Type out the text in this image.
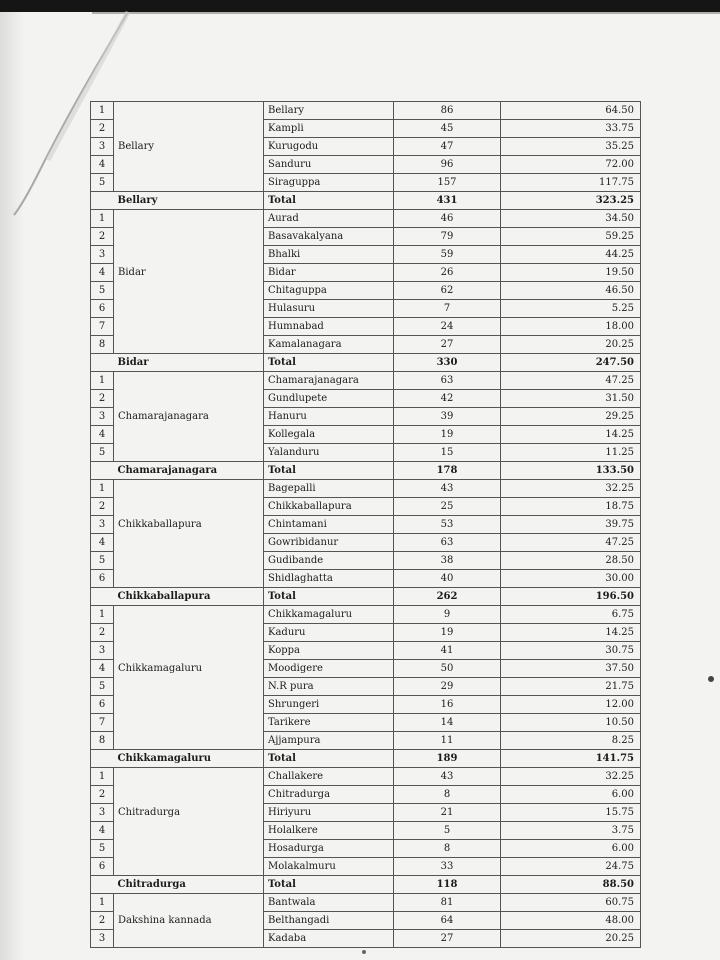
1		Bellary	86	64.50
2		Kampli	45	33.75
3	Bellary	Kurugodu	47	35.25
4		Sanduru	96	72.00
5		Siraguppa	157	117.75
	Bellary	Total	431	323.25
1		Aurad	46	34.50
2		Basavakalyana	79	59.25
3		Bhalki	59	44.25
4	Bidar	Bidar	26	19.50
5		Chitaguppa	62	46.50
6		Hulasuru	7	5.25
7		Humnabad	24	18.00
8		Kamalanagara	27	20.25
	Bidar	Total	330	247.50
1		Chamarajanagara	63	47.25
2		Gundlupete	42	31.50
3	Chamarajanagara	Hanuru	39	29.25
4		Kollegala	19	14.25
5		Yalanduru	15	11.25
	Chamarajanagara	Total	178	133.50
1		Bagepalli	43	32.25
2		Chikkaballapura	25	18.75
3	Chikkaballapura	Chintamani	53	39.75
4		Gowribidanur	63	47.25
5		Gudibande	38	28.50
6		Shidlaghatta	40	30.00
	Chikkaballapura	Total	262	196.50
1		Chikkamagaluru	9	6.75
2		Kaduru	19	14.25
3		Koppa	41	30.75
4	Chikkamagaluru	Moodigere	50	37.50
5		N.R pura	29	21.75
6		Shrungeri	16	12.00
7		Tarikere	14	10.50
8		Ajjampura	11	8.25
	Chikkamagaluru	Total	189	141.75
1		Challakere	43	32.25
2		Chitradurga	8	6.00
3	Chitradurga	Hiriyuru	21	15.75
4		Holalkere	5	3.75
5		Hosadurga	8	6.00
6		Molakalmuru	33	24.75
	Chitradurga	Total	118	88.50
1		Bantwala	81	60.75
2	Dakshina kannada	Belthangadi	64	48.00
3		Kadaba	27	20.25
